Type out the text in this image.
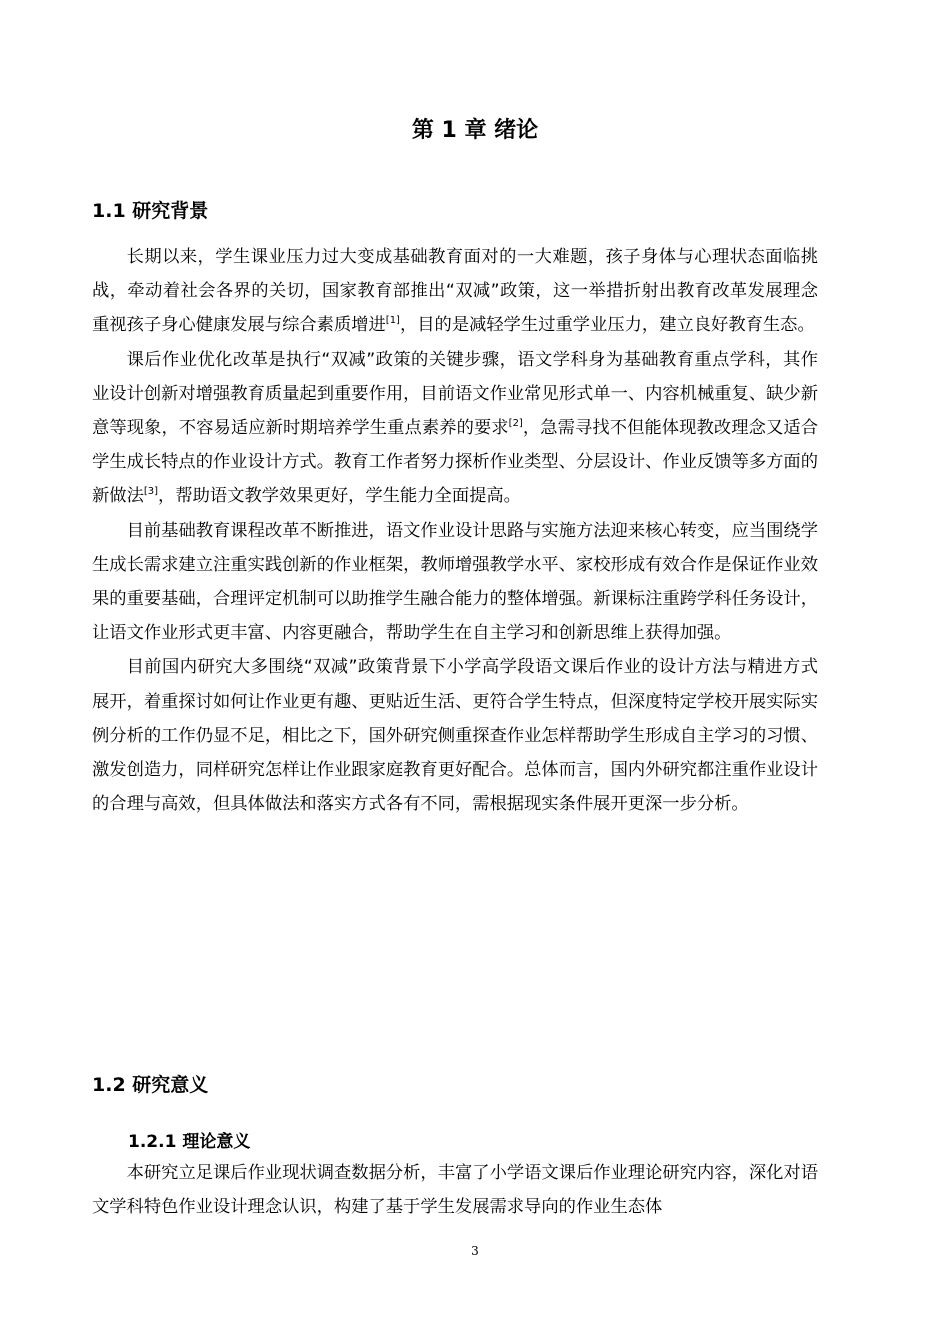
第 1 章 绪论
1.1 研究背景

长期以来，学生课业压力过大变成基础教育面对的一大难题，孩子身体与心理状态面临挑战，牵动着社会各界的关切，国家教育部推出“双减”政策，这一举措折射出教育改革发展理念重视孩子身心健康发展与综合素质增进[1]，目的是减轻学生过重学业压力，建立良好教育生态。

课后作业优化改革是执行“双减”政策的关键步骤，语文学科身为基础教育重点学科，其作业设计创新对增强教育质量起到重要作用，目前语文作业常见形式单一、内容机械重复、缺少新意等现象，不容易适应新时期培养学生重点素养的要求[2]，急需寻找不但能体现教改理念又适合学生成长特点的作业设计方式。教育工作者努力探析作业类型、分层设计、作业反馈等多方面的新做法[3]，帮助语文教学效果更好，学生能力全面提高。

目前基础教育课程改革不断推进，语文作业设计思路与实施方法迎来核心转变，应当围绕学生成长需求建立注重实践创新的作业框架，教师增强教学水平、家校形成有效合作是保证作业效果的重要基础，合理评定机制可以助推学生融合能力的整体增强。新课标注重跨学科任务设计，让语文作业形式更丰富、内容更融合，帮助学生在自主学习和创新思维上获得加强。

目前国内研究大多围绕“双减”政策背景下小学高学段语文课后作业的设计方法与精进方式展开，着重探讨如何让作业更有趣、更贴近生活、更符合学生特点，但深度特定学校开展实际实例分析的工作仍显不足，相比之下，国外研究侧重探查作业怎样帮助学生形成自主学习的习惯、激发创造力，同样研究怎样让作业跟家庭教育更好配合。总体而言，国内外研究都注重作业设计的合理与高效，但具体做法和落实方式各有不同，需根据现实条件展开更深一步分析。

1.2 研究意义
1.2.1 理论意义

本研究立足课后作业现状调查数据分析，丰富了小学语文课后作业理论研究内容，深化对语文学科特色作业设计理念认识，构建了基于学生发展需求导向的作业生态体

3
